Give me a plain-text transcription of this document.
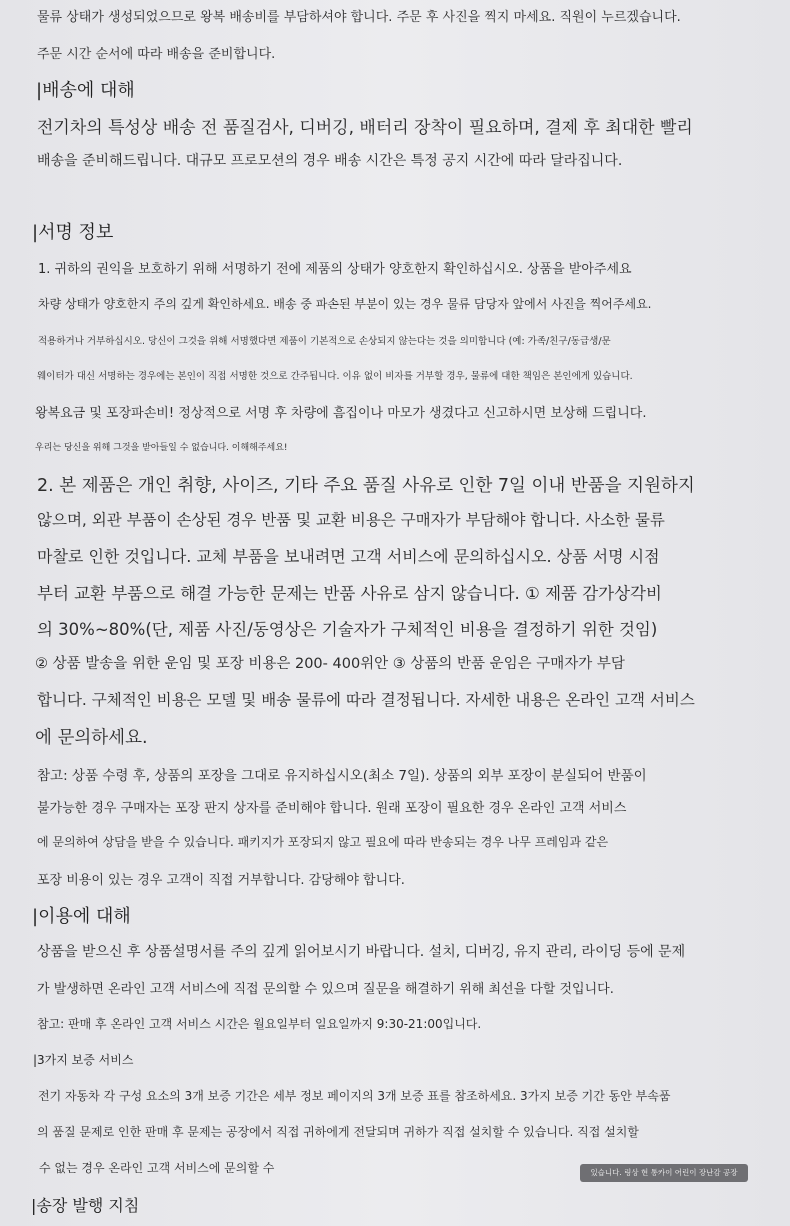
물류 상태가 생성되었으므로 왕복 배송비를 부담하셔야 합니다. 주문 후 사진을 찍지 마세요. 직원이 누르겠습니다.
주문 시간 순서에 따라 배송을 준비합니다.
|배송에 대해
전기차의 특성상 배송 전 품질검사, 디버깅, 배터리 장착이 필요하며, 결제 후 최대한 빨리
배송을 준비해드립니다. 대규모 프로모션의 경우 배송 시간은 특정 공지 시간에 따라 달라집니다.
|서명 정보
1. 귀하의 권익을 보호하기 위해 서명하기 전에 제품의 상태가 양호한지 확인하십시오. 상품을 받아주세요
차량 상태가 양호한지 주의 깊게 확인하세요. 배송 중 파손된 부분이 있는 경우 물류 담당자 앞에서 사진을 찍어주세요.
적용하거나 거부하십시오. 당신이 그것을 위해 서명했다면 제품이 기본적으로 손상되지 않는다는 것을 의미합니다 (예: 가족/친구/동급생/문
웨이터가 대신 서명하는 경우에는 본인이 직접 서명한 것으로 간주됩니다. 이유 없이 비자를 거부할 경우, 물류에 대한 책임은 본인에게 있습니다.
왕복요금 및 포장파손비! 정상적으로 서명 후 차량에 흠집이나 마모가 생겼다고 신고하시면 보상해 드립니다.
우리는 당신을 위해 그것을 받아들일 수 없습니다. 이해해주세요!
2. 본 제품은 개인 취향, 사이즈, 기타 주요 품질 사유로 인한 7일 이내 반품을 지원하지
않으며, 외관 부품이 손상된 경우 반품 및 교환 비용은 구매자가 부담해야 합니다. 사소한 물류
마찰로 인한 것입니다. 교체 부품을 보내려면 고객 서비스에 문의하십시오. 상품 서명 시점
부터 교환 부품으로 해결 가능한 문제는 반품 사유로 삼지 않습니다. ① 제품 감가상각비
의 30%~80%(단, 제품 사진/동영상은 기술자가 구체적인 비용을 결정하기 위한 것임)
② 상품 발송을 위한 운임 및 포장 비용은 200- 400위안 ③ 상품의 반품 운임은 구매자가 부담
합니다. 구체적인 비용은 모델 및 배송 물류에 따라 결정됩니다. 자세한 내용은 온라인 고객 서비스
에 문의하세요.
참고: 상품 수령 후, 상품의 포장을 그대로 유지하십시오(최소 7일). 상품의 외부 포장이 분실되어 반품이
불가능한 경우 구매자는 포장 판지 상자를 준비해야 합니다. 원래 포장이 필요한 경우 온라인 고객 서비스
에 문의하여 상담을 받을 수 있습니다. 패키지가 포장되지 않고 필요에 따라 반송되는 경우 나무 프레임과 같은
포장 비용이 있는 경우 고객이 직접 거부합니다. 감당해야 합니다.
|이용에 대해
상품을 받으신 후 상품설명서를 주의 깊게 읽어보시기 바랍니다. 설치, 디버깅, 유지 관리, 라이딩 등에 문제
가 발생하면 온라인 고객 서비스에 직접 문의할 수 있으며 질문을 해결하기 위해 최선을 다할 것입니다.
참고: 판매 후 온라인 고객 서비스 시간은 월요일부터 일요일까지 9:30-21:00입니다.
|3가지 보증 서비스
전기 자동차 각 구성 요소의 3개 보증 기간은 세부 정보 페이지의 3개 보증 표를 참조하세요. 3가지 보증 기간 동안 부속품
의 품질 문제로 인한 판매 후 문제는 공장에서 직접 귀하에게 전달되며 귀하가 직접 설치할 수 있습니다. 직접 설치할
수 없는 경우 온라인 고객 서비스에 문의할 수	있습니다. 링상 현 통카이 어린이 장난감 공장
|송장 발행 지침
